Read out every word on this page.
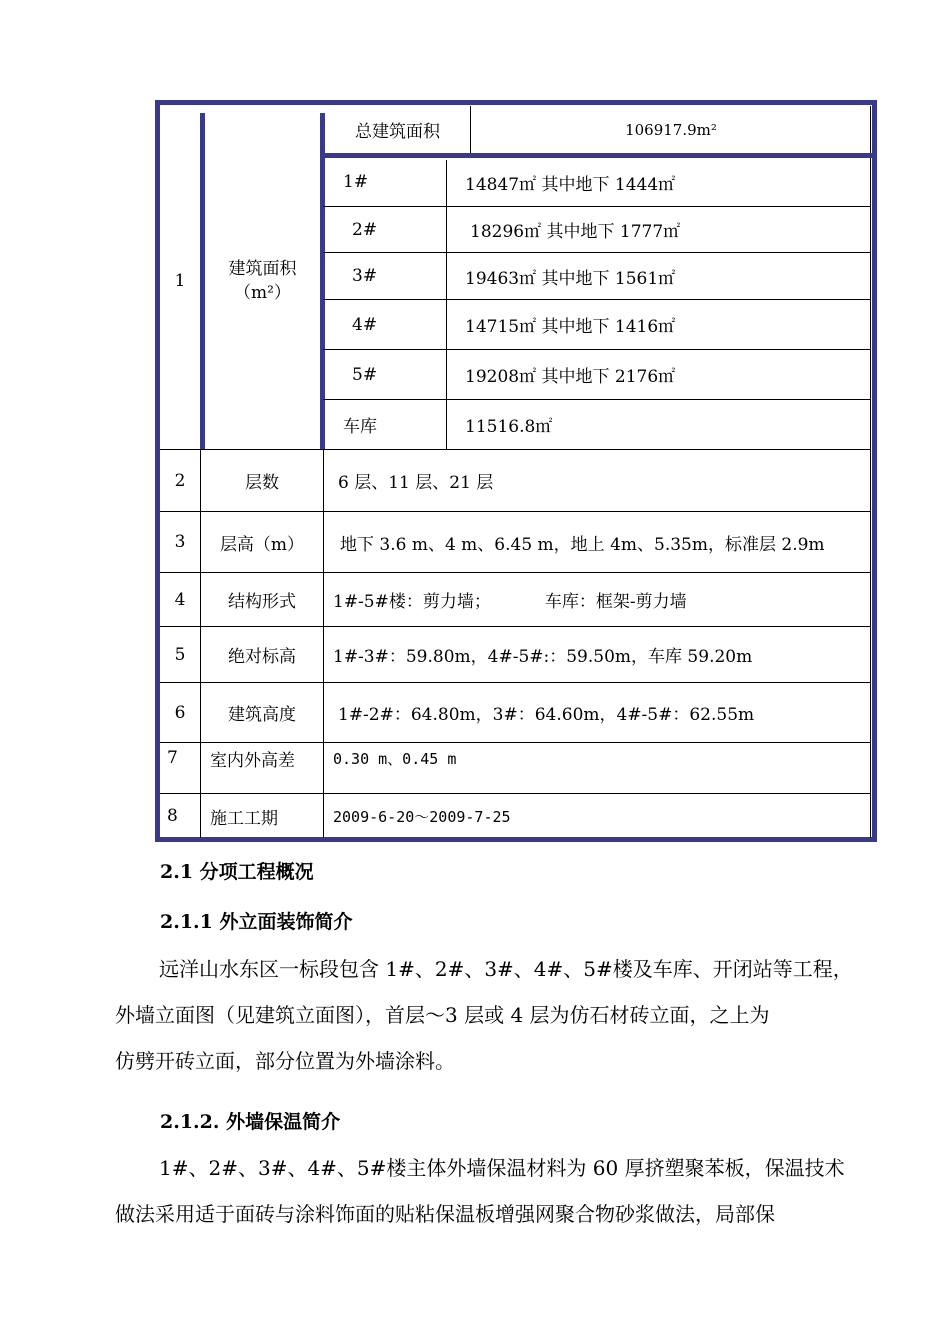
1
建筑面积（m²）
总建筑面积	106917.9m²
1#	14847㎡ 其中地下 1444㎡
2#	18296㎡ 其中地下 1777㎡
3#	19463㎡ 其中地下 1561㎡
4#	14715㎡ 其中地下 1416㎡
5#	19208㎡ 其中地下 2176㎡
车库	11516.8㎡
2	层数	6 层、11 层、21 层
3	层高（m）	地下 3.6 m、4 m、6.45 m，地上 4m、5.35m，标准层 2.9m
4	结构形式	1#-5#楼：剪力墙；          车库：框架-剪力墙
5	绝对标高	1#-3#：59.80m，4#-5#:：59.50m，车库 59.20m
6	建筑高度	1#-2#：64.80m，3#：64.60m，4#-5#：62.55m
7	室内外高差	0.30 m、0.45 m
8	施工工期	2009-6-20～2009-7-25
2.1 分项工程概况
2.1.1 外立面装饰简介
远洋山水东区一标段包含 1#、2#、3#、4#、5#楼及车库、开闭站等工程，
外墙立面图（见建筑立面图），首层～3 层或 4 层为仿石材砖立面，之上为
仿劈开砖立面，部分位置为外墙涂料。
2.1.2. 外墙保温简介
1#、2#、3#、4#、5#楼主体外墙保温材料为 60 厚挤塑聚苯板，保温技术
做法采用适于面砖与涂料饰面的贴粘保温板增强网聚合物砂浆做法，局部保
